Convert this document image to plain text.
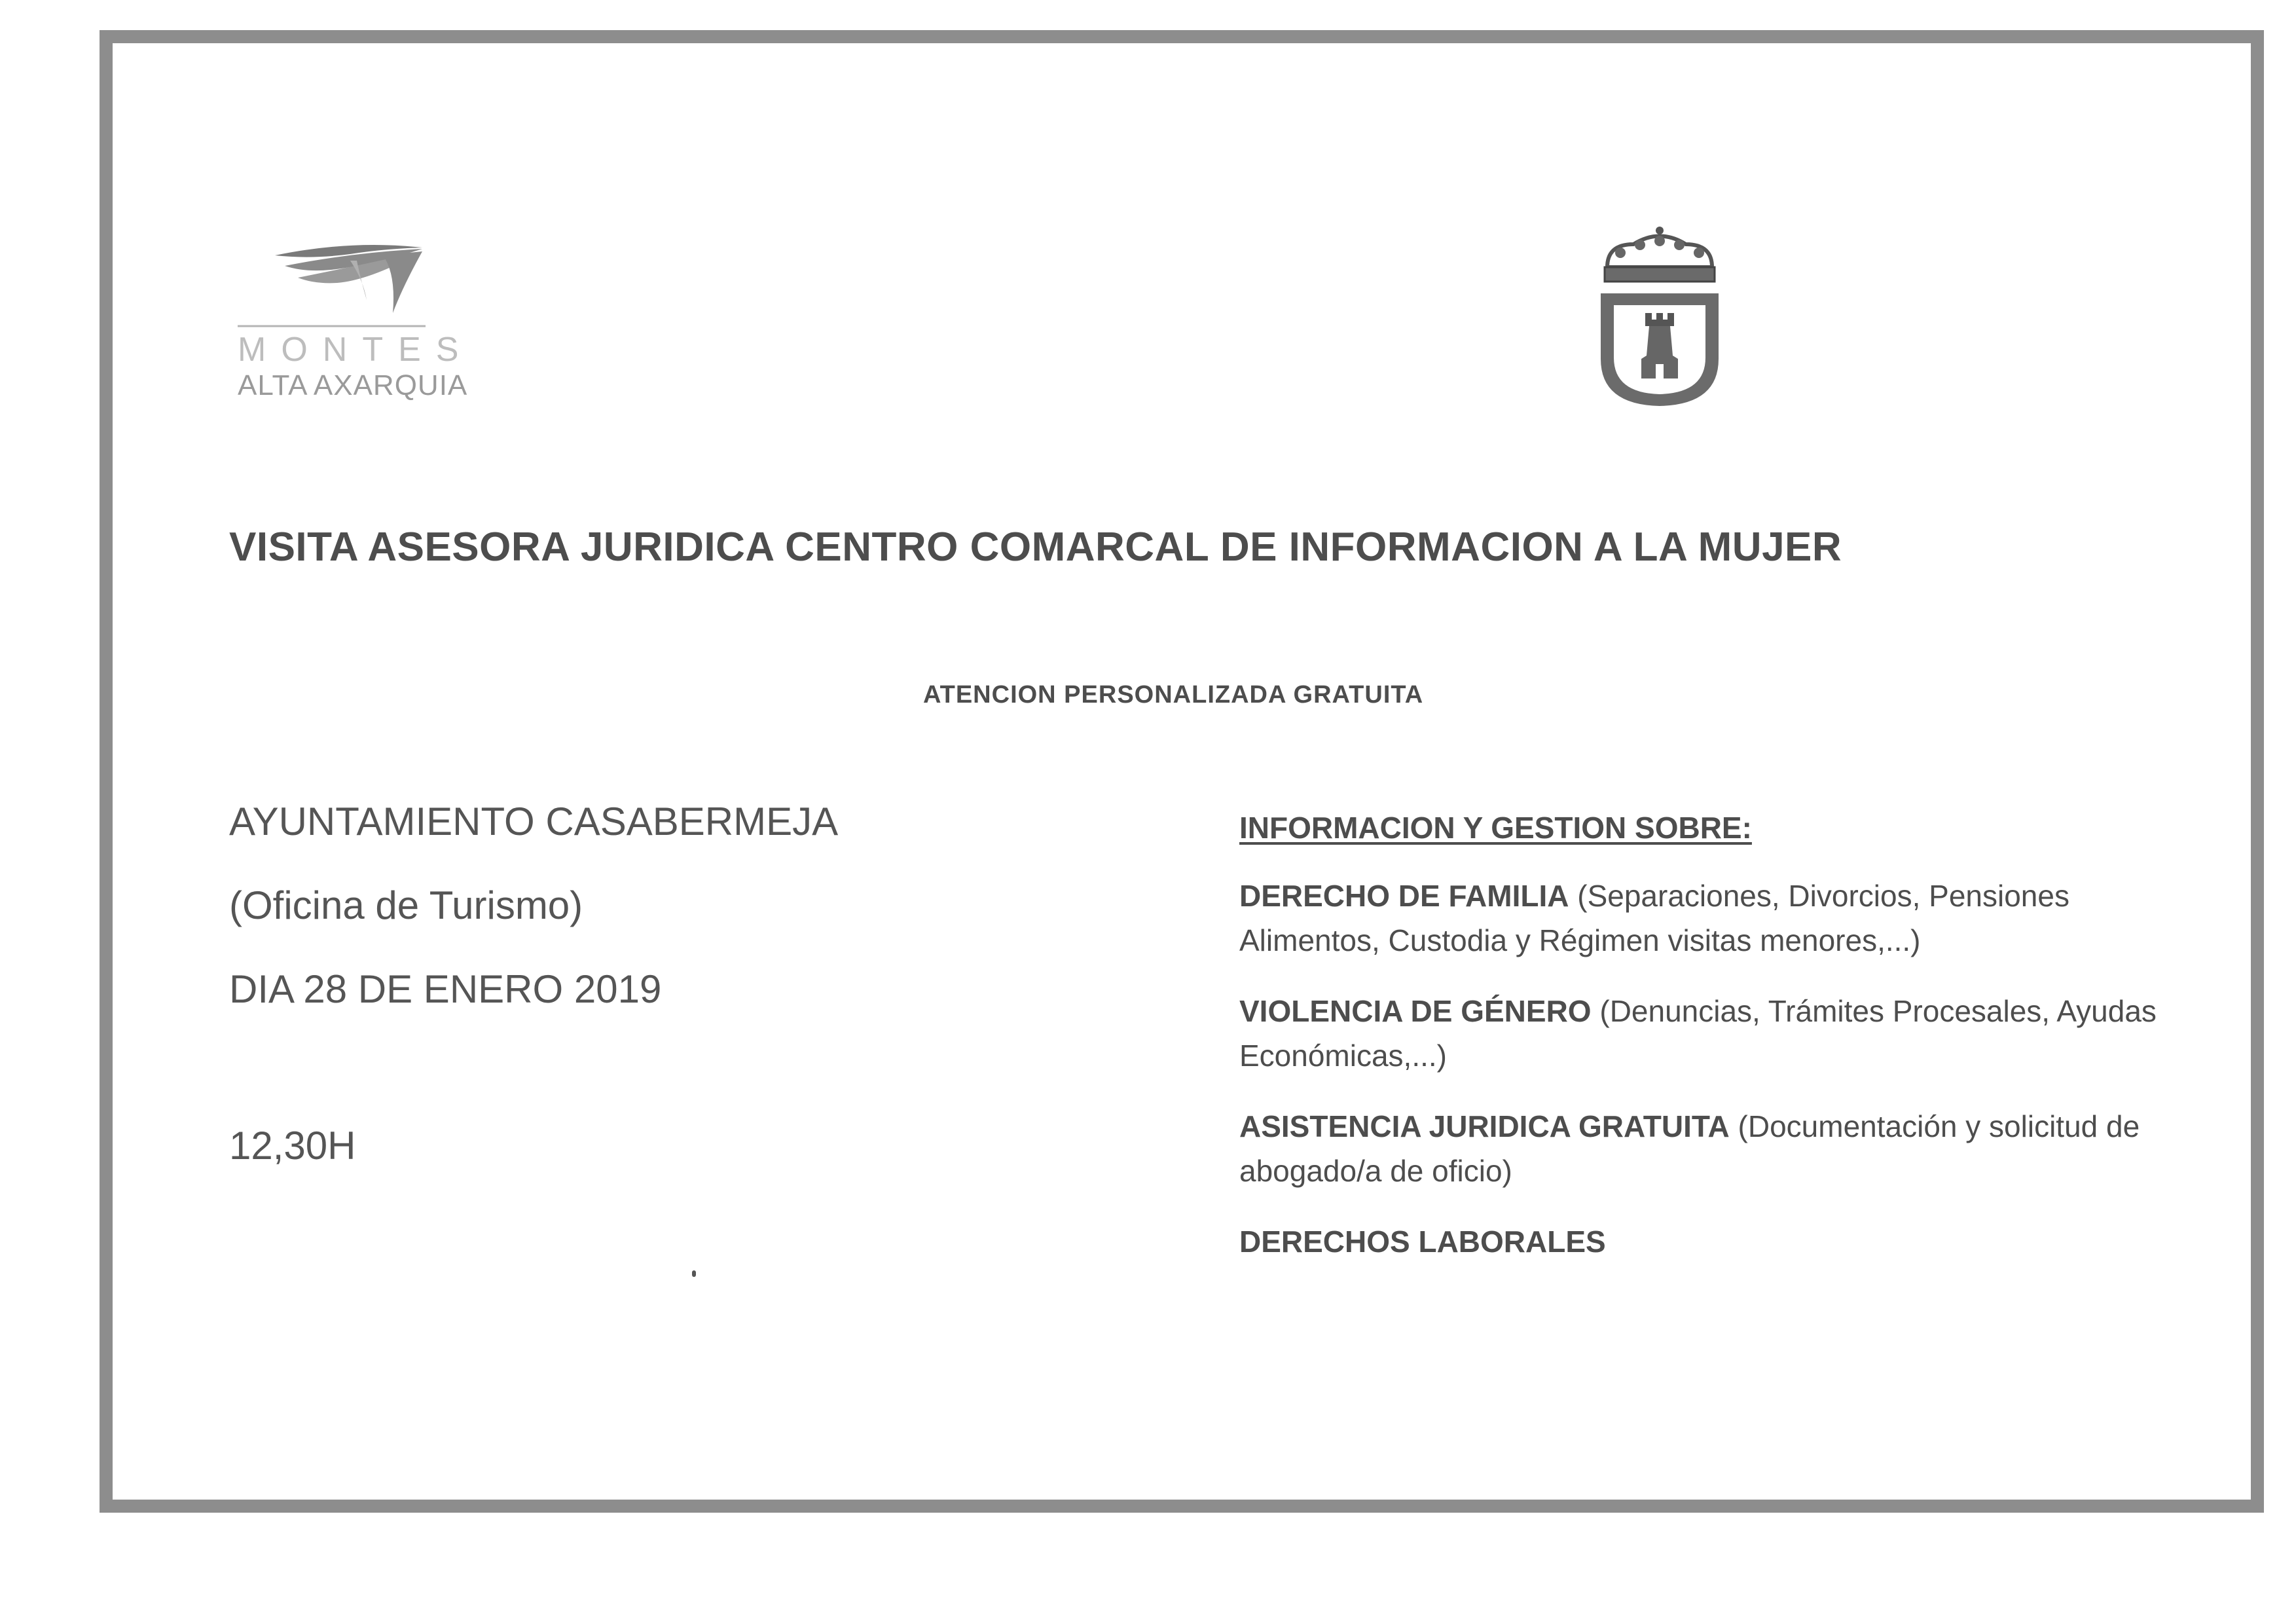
MONTES
ALTA AXARQUIA
VISITA ASESORA JURIDICA CENTRO COMARCAL DE INFORMACION A LA MUJER
ATENCION PERSONALIZADA GRATUITA
AYUNTAMIENTO CASABERMEJA
(Oficina de Turismo)
DIA 28 DE ENERO 2019
12,30H
INFORMACION Y GESTION SOBRE:
DERECHO DE FAMILIA (Separaciones, Divorcios, Pensiones Alimentos, Custodia y Régimen visitas menores,...)
VIOLENCIA DE GÉNERO (Denuncias, Trámites Procesales, Ayudas Económicas,...)
ASISTENCIA JURIDICA GRATUITA (Documentación y solicitud de abogado/a de oficio)
DERECHOS LABORALES
